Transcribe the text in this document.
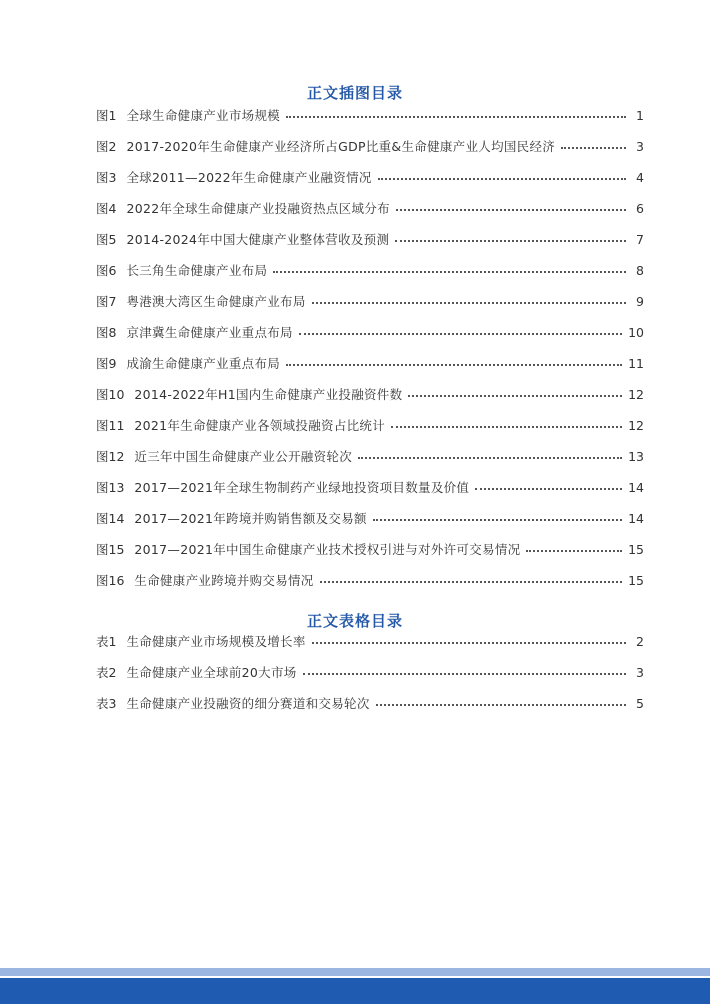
正文插图目录
图1 全球生命健康产业市场规模	1
图2 2017-2020年生命健康产业经济所占GDP比重&生命健康产业人均国民经济	3
图3 全球2011—2022年生命健康产业融资情况	4
图4 2022年全球生命健康产业投融资热点区域分布	6
图5 2014-2024年中国大健康产业整体营收及预测	7
图6 长三角生命健康产业布局	8
图7 粤港澳大湾区生命健康产业布局	9
图8 京津冀生命健康产业重点布局	10
图9 成渝生命健康产业重点布局	11
图10 2014-2022年H1国内生命健康产业投融资件数	12
图11 2021年生命健康产业各领域投融资占比统计	12
图12 近三年中国生命健康产业公开融资轮次	13
图13 2017—2021年全球生物制药产业绿地投资项目数量及价值	14
图14 2017—2021年跨境并购销售额及交易额	14
图15 2017—2021年中国生命健康产业技术授权引进与对外许可交易情况	15
图16 生命健康产业跨境并购交易情况	15
正文表格目录
表1 生命健康产业市场规模及增长率	2
表2 生命健康产业全球前20大市场	3
表3 生命健康产业投融资的细分赛道和交易轮次	5
